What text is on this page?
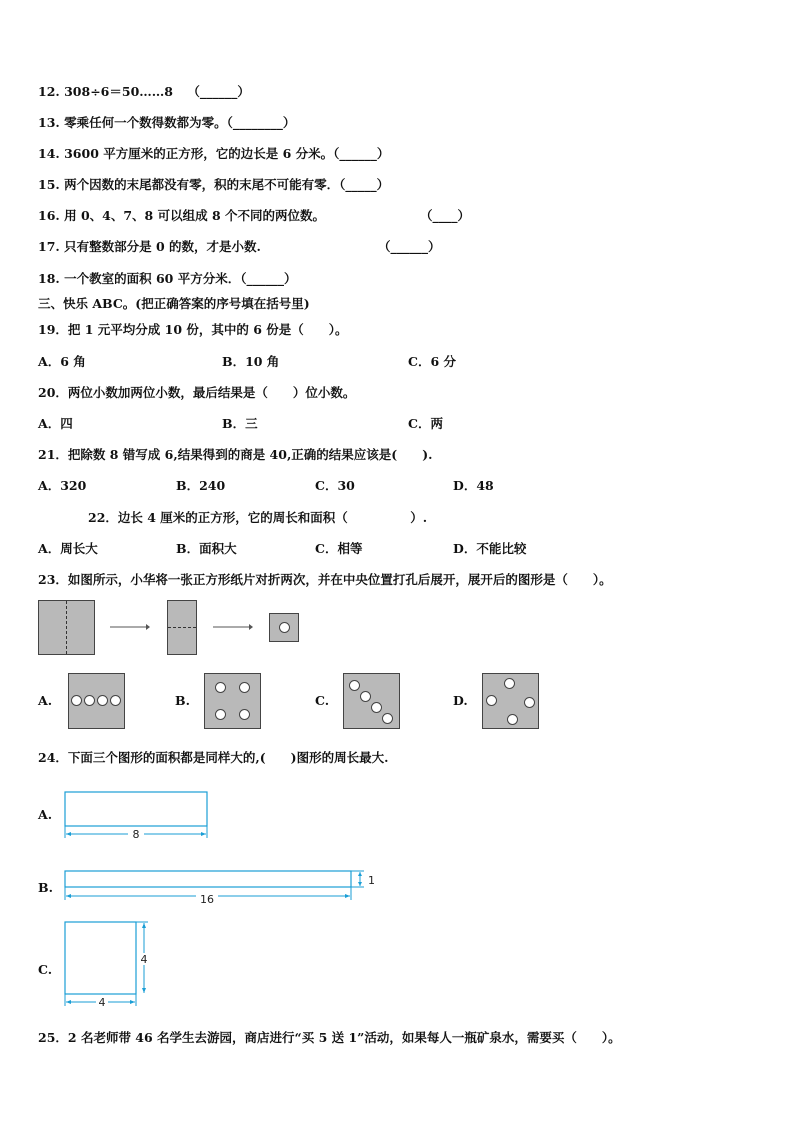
12. 308÷6＝50……8 （______）
13. 零乘任何一个数得数都为零。（________）
14. 3600 平方厘米的正方形，它的边长是 6 分米。（______）
15. 两个因数的末尾都没有零，积的末尾不可能有零．（_____）
16. 用 0、4、7、8 可以组成 8 个不同的两位数。	（____）
17. 只有整数部分是 0 的数，才是小数.	（______）
18. 一个教室的面积 60 平方分米．（______）
三、快乐 ABC。(把正确答案的序号填在括号里)
19．把 1 元平均分成 10 份，其中的 6 份是（　　）。
A．6 角	B．10 角	C．6 分
20．两位小数加两位小数，最后结果是（　　）位小数。
A．四	B．三	C．两
21．把除数 8 错写成 6,结果得到的商是 40,正确的结果应该是(　　).
A．320	B．240	C．30	D．48
22．边长 4 厘米的正方形，它的周长和面积（　　　　　）.
A．周长大	B．面积大	C．相等	D．不能比较
23．如图所示，小华将一张正方形纸片对折两次，并在中央位置打孔后展开，展开后的图形是（　　）。
A.	B.	C.	D.
24．下面三个图形的面积都是同样大的,(　　)图形的周长最大.
A.
8
B.
16
1
C.
4
4
25．2 名老师带 46 名学生去游园，商店进行“买 5 送 1”活动，如果每人一瓶矿泉水，需要买（　　）。
